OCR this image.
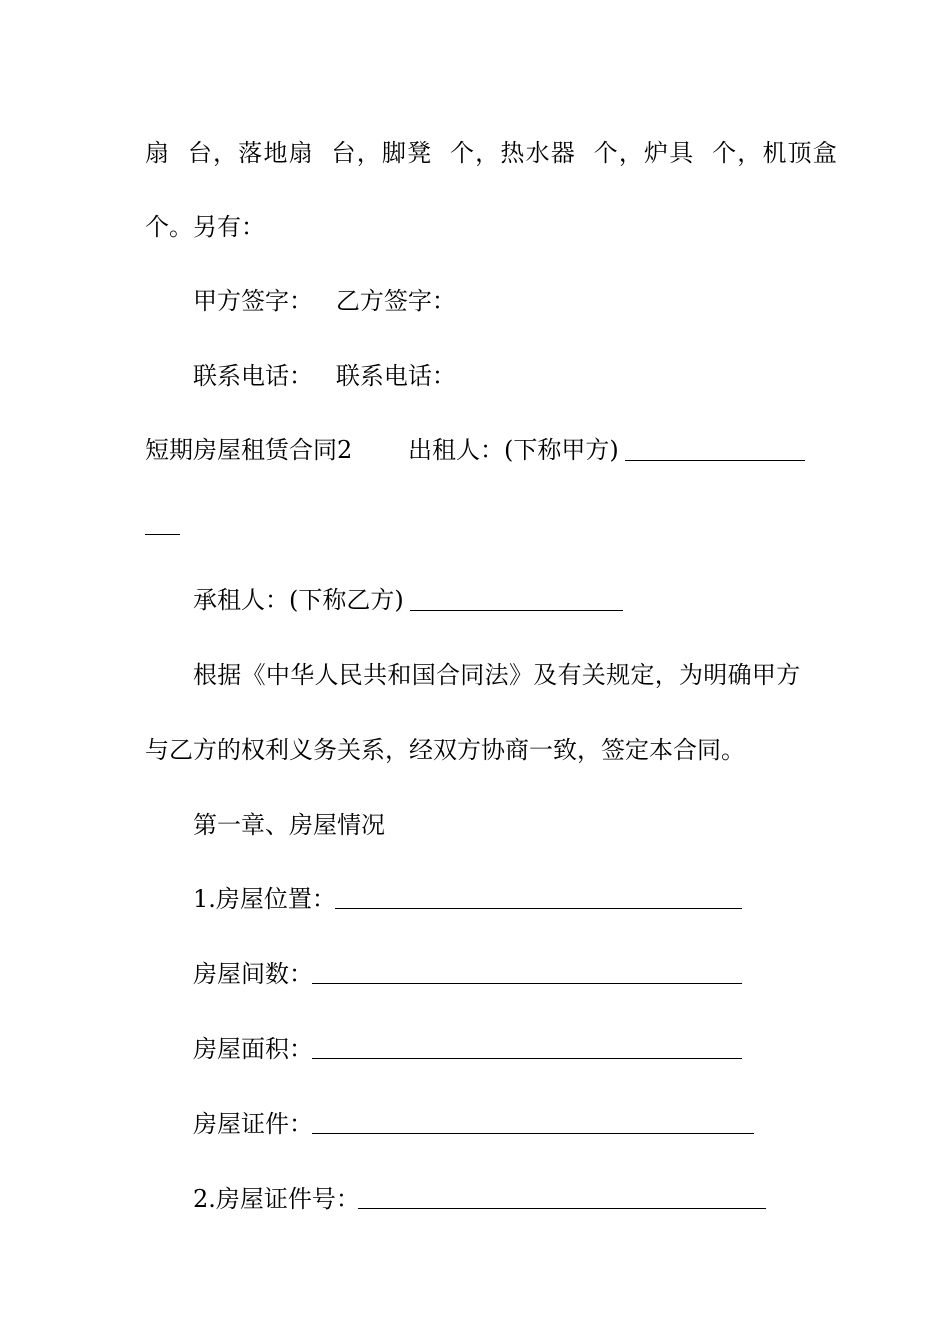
扇  台，落地扇  台，脚凳  个，热水器  个，炉具  个，机顶盒
个。另有：
甲方签字：   乙方签字：
联系电话：   联系电话：
短期房屋租赁合同2 出租人：(下称甲方)
承租人：(下称乙方)
根据《中华人民共和国合同法》及有关规定，为明确甲方
与乙方的权利义务关系，经双方协商一致，签定本合同。
第一章、房屋情况
1.房屋位置：
房屋间数：
房屋面积：
房屋证件：
2.房屋证件号：
